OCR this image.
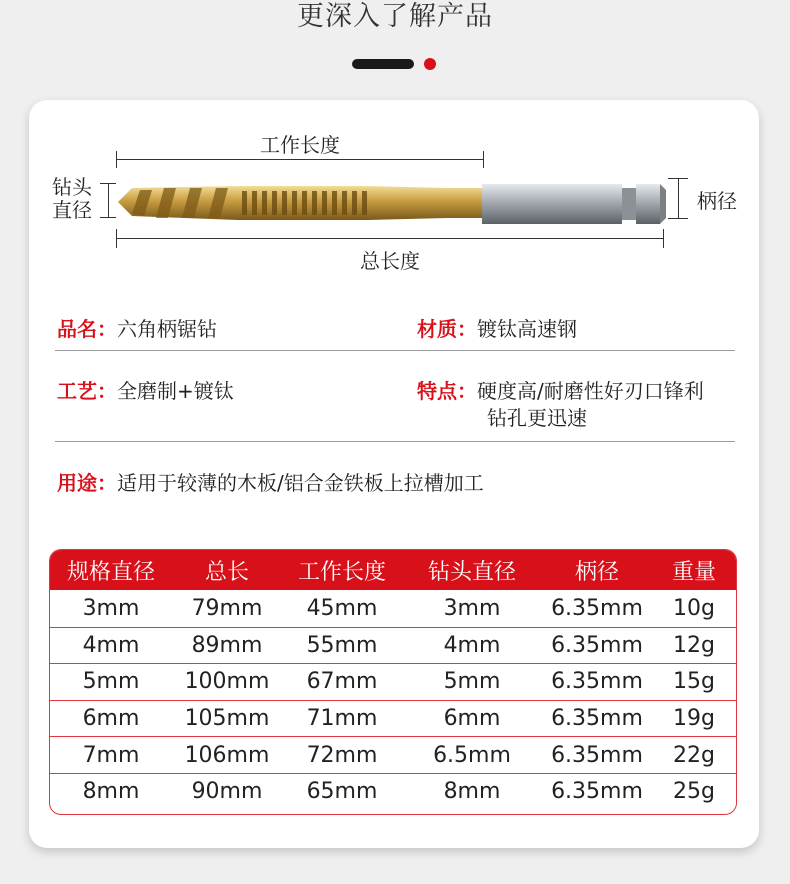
更深入了解产品
工作长度
钻头
直径	柄径
总长度
品名：六角柄锯钻	材质：镀钛高速钢
工艺：全磨制+镀钛	特点：硬度高/耐磨性好刃口锋利
钻孔更迅速
用途：适用于较薄的木板/铝合金铁板上拉槽加工
规格直径	总长	工作长度	钻头直径	柄径	重量
3mm	79mm	45mm	3mm	6.35mm	10g
4mm	89mm	55mm	4mm	6.35mm	12g
5mm	100mm	67mm	5mm	6.35mm	15g
6mm	105mm	71mm	6mm	6.35mm	19g
7mm	106mm	72mm	6.5mm	6.35mm	22g
8mm	90mm	65mm	8mm	6.35mm	25g
